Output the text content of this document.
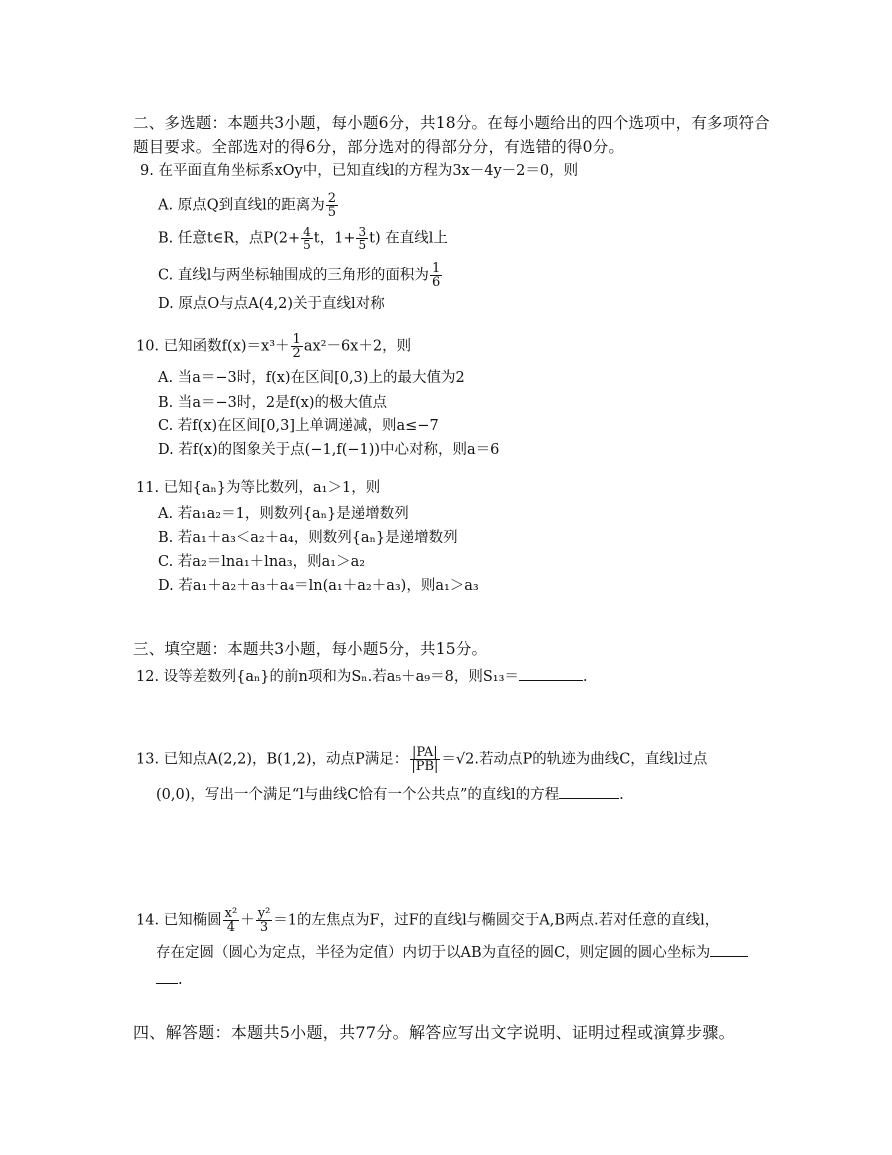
二、多选题：本题共3小题，每小题6分，共18分。在每小题给出的四个选项中，有多项符合
题目要求。全部选对的得6分，部分选对的得部分分，有选错的得0分。
9. 在平面直角坐标系xOy中，已知直线l的方程为3x－4y－2＝0，则
A. 原点Q到直线l的距离为 $\frac{2}{5}$
B. 任意t∈R，点$P(2+ \frac{4}{5}$ t，$1+ \frac{3}{5} t$) 在直线l上
C. 直线l与两坐标轴围成的三角形的面积为 $\frac{1}{6}$
D. 原点O与点A(4,2)关于直线l对称
10. 已知函数$f(x)=x^3+ \frac{1}{2} ax^2-6x+2$，则
A. 当a＝−3时，f(x)在区间[0,3)上的最大值为2
B. 当a＝−3时，2是f(x)的极大值点
C. 若f(x)在区间[0,3]上单调递减，则a≤−7
D. 若f(x)的图象关于点(−1,f(−1))中心对称，则a＝6
11. 已知{aₙ}为等比数列，a₁＞1，则
A. 若a₁a₂＝1，则数列{aₙ}是递增数列
B. 若a₁＋a₃＜a₂＋a₄，则数列{aₙ}是递增数列
C. 若a₂＝lna₁＋lna₃，则a₁＞a₂
D. 若a₁＋a₂＋a₃＋a₄＝ln(a₁＋a₂＋a₃)，则a₁＞a₃
三、填空题：本题共3小题，每小题5分，共15分。
12. 设等差数列{aₙ}的前n项和为Sₙ.若a₅＋a₉＝8，则S₁₃＝	.
13. 已知点A(2,2)，B(1,2)，动点P满足： $\frac{|PA|}{|PB|} =√2$.若动点P的轨迹为曲线C，直线l过点
(0,0)，写出一个满足“l与曲线C恰有一个公共点”的直线l的方程	.
14. 已知椭圆 $\frac{\text{x²}}{4} + \frac{\text{y²}}{3} =1$的左焦点为F，过F的直线l与椭圆交于A,B两点.若对任意的直线l，
存在定圆（圆心为定点，半径为定值）内切于以AB为直径的圆C，则定圆的圆心坐标为
.
四、解答题：本题共5小题，共77分。解答应写出文字说明、证明过程或演算步骤。
